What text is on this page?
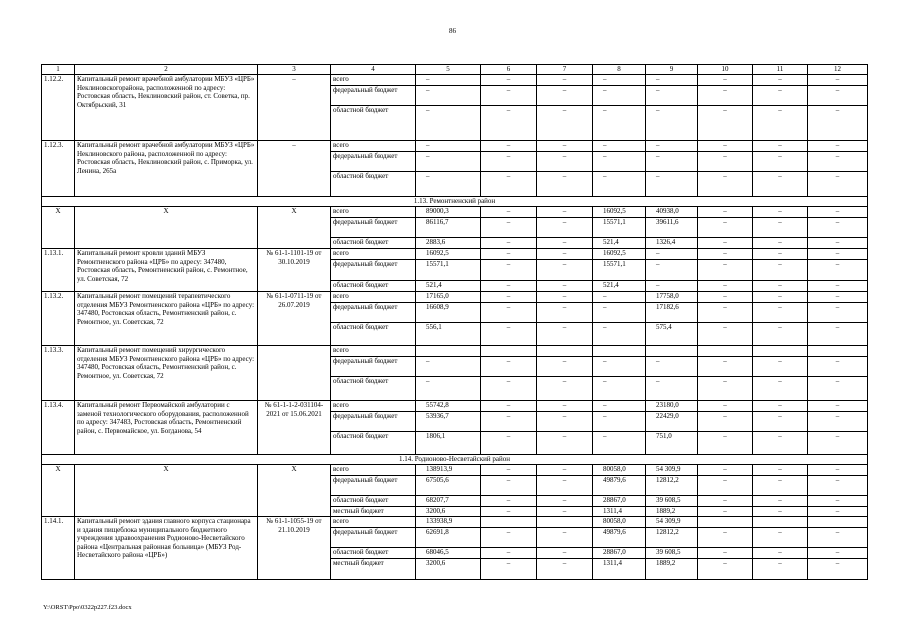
86
1	2	3	4	5	6	7	8	9	10	11	12
1.12.2.	Капитальный ремонт врачебной амбулатории МБУЗ «ЦРБ» Неклиновскогорайона, расположенной по адресу: Ростовская область, Неклиновский район, ст. Советка, пр. Октябрьский, 31	–	всего	–	–	–	–	–	–	–	–
			федеральный бюджет	–	–	–	–	–	–	–	–
			областной бюджет	–	–	–	–	–	–	–	–
1.12.3.	Капитальный ремонт врачебной амбулатории МБУЗ «ЦРБ» Неклиновского района, расположенной по адресу: Ростовская область, Неклиновский район, с. Приморка, ул. Ленина, 265а	–	всего	–	–	–	–	–	–	–	–
			федеральный бюджет	–	–	–	–	–	–	–	–
			областной бюджет	–	–	–	–	–	–	–	–
1.13. Ремонтненский район											
Х	Х	Х	всего	89000,3	–	–	16092,5	40938,0	–	–	–
			федеральный бюджет	86116,7	–	–	15571,1	39611,6	–	–	–
			областной бюджет	2883,6	–	–	521,4	1326,4	–	–	–
1.13.1.	Капитальный ремонт кровли зданий МБУЗ Ремонтненского района «ЦРБ» по адресу: 347480, Ростовская область, Ремонтненский район, с. Ремонтное, ул. Советская, 72	№ 61-1-1101-19 от 30.10.2019	всего	16092,5	–	–	16092,5	–	–	–	–
			федеральный бюджет	15571,1	–	–	15571,1	–	–	–	–
			областной бюджет	521,4	–	–	521,4	–	–	–	–
1.13.2.	Капитальный ремонт помещений терапевтического отделения МБУЗ Ремонтненского района «ЦРБ» по адресу: 347480, Ростовская область, Ремонтненский район, с. Ремонтное, ул. Советская, 72	№ 61-1-0711-19 от 26.07.2019	всего	17165,0	–	–	–	17758,0	–	–	–
			федеральный бюджет	16608,9	–	–	–	17182,6	–	–	–
			областной бюджет	556,1	–	–	–	575,4	–	–	–
1.13.3.	Капитальный ремонт помещений хирургического отделения МБУЗ Ремонтненского района «ЦРБ» по адресу: 347480, Ростовская область, Ремонтненский район, с. Ремонтное, ул. Советская, 72		всего								
			федеральный бюджет	–	–	–	–	–	–	–	–
			областной бюджет	–	–	–	–	–	–	–	–
1.13.4.	Капитальный ремонт Первомайской амбулатории с заменой технологического оборудования, расположенной по адресу: 347483, Ростовская область, Ремонтненский район, с. Первомайское, ул. Богданова, 54	№ 61-1-1-2-031104-2021 от 15.06.2021	всего	55742,8	–	–	–	23180,0	–	–	–
			федеральный бюджет	53936,7	–	–	–	22429,0	–	–	–
			областной бюджет	1806,1	–	–	–	751,0	–	–	–
1.14. Родионово-Несветайский район											
Х	Х	Х	всего	138913,9	–	–	80058,0	54 309,9	–	–	–
			федеральный бюджет	67505,6	–	–	49879,6	12812,2	–	–	–
			областной бюджет	68207,7	–	–	28867,0	39 608,5	–	–	–
			местный бюджет	3200,6	–	–	1311,4	1889,2	–	–	–
1.14.1.	Капитальный ремонт здания главного корпуса стационара и здания пищеблока муниципального бюджетного учреждения здравоохранения Родионово-Несветайского района «Центральная районная больница» (МБУЗ Род-Несветайского района «ЦРБ»)	№ 61-1-1055-19 от 21.10.2019	всего	133938,9			80058,0	54 309,9			
			федеральный бюджет	62691,8	–	–	49879,6	12812,2	–	–	–
			областной бюджет	68046,5	–	–	28867,0	39 608,5	–	–	–
			местный бюджет	3200,6	–	–	1311,4	1889,2	–	–	–
Y:\ORST\Ppo\0322p227.f23.docx
